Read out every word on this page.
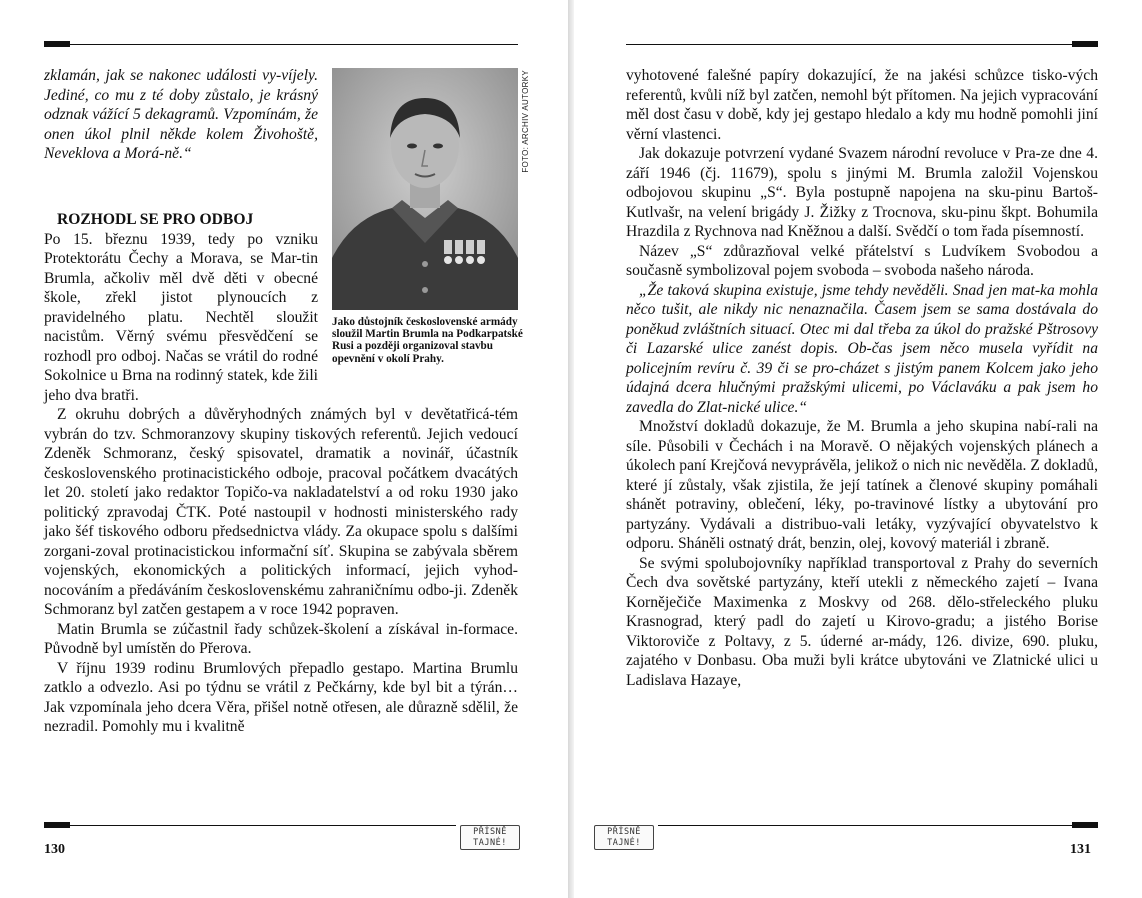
zklamán, jak se nakonec události vy-víjely. Jediné, co mu z té doby zůstalo, je krásný odznak vážící 5 dekagramů. Vzpomínám, že onen úkol plnil někde kolem Živohoště, Neveklova a Morá-ně.“

ROZHODL SE PRO ODBOJ

Po 15. březnu 1939, tedy po vzniku Protektorátu Čechy a Morava, se Mar-tin Brumla, ačkoliv měl dvě děti v obecné škole, zřekl jistot plynoucích z pravidelného platu. Nechtěl sloužit nacistům. Věrný svému přesvědčení se rozhodl pro odboj. Načas se vrátil do rodné Sokolnice u Brna na rodinný statek, kde žili jeho dva bratři.

FOTO: ARCHIV AUTORKY
Jako důstojník československé armády sloužil Martin Brumla na Podkarpatské Rusi a později organizoval stavbu opevnění v okolí Prahy.

Z okruhu dobrých a důvěryhodných známých byl v devětatřicá-tém vybrán do tzv. Schmoranzovy skupiny tiskových referentů. Jejich vedoucí Zdeněk Schmoranz, český spisovatel, dramatik a novinář, účastník československého protinacistického odboje, pracoval počátkem dvacátých let 20. století jako redaktor Topičo-va nakladatelství a od roku 1930 jako politický zpravodaj ČTK. Poté nastoupil v hodnosti ministerského rady jako šéf tiskového odboru předsednictva vlády. Za okupace spolu s dalšími zorgani-zoval protinacistickou informační síť. Skupina se zabývala sběrem vojenských, ekonomických a politických informací, jejich vyhod-nocováním a předáváním československému zahraničnímu odbo-ji. Zdeněk Schmoranz byl zatčen gestapem a v roce 1942 popraven.

Matin Brumla se zúčastnil řady schůzek-školení a získával in-formace. Původně byl umístěn do Přerova.

V říjnu 1939 rodinu Brumlových přepadlo gestapo. Martina Brumlu zatklo a odvezlo. Asi po týdnu se vrátil z Pečkárny, kde byl bit a týrán… Jak vzpomínala jeho dcera Věra, přišel notně otřesen, ale důrazně sdělil, že nezradil. Pomohly mu i kvalitně

PŘÍSNĚ
TAJNÉ!
130

vyhotovené falešné papíry dokazující, že na jakési schůzce tisko-vých referentů, kvůli níž byl zatčen, nemohl být přítomen. Na jejich vypracování měl dost času v době, kdy jej gestapo hledalo a kdy mu hodně pomohli jiní věrní vlastenci.

Jak dokazuje potvrzení vydané Svazem národní revoluce v Pra-ze dne 4. září 1946 (čj. 11679), spolu s jinými M. Brumla založil Vojenskou odbojovou skupinu „S“. Byla postupně napojena na sku-pinu Bartoš-Kutlvašr, na velení brigády J. Žižky z Trocnova, sku-pinu škpt. Bohumila Hrazdila z Rychnova nad Kněžnou a další. Svědčí o tom řada písemností.

Název „S“ zdůrazňoval velké přátelství s Ludvíkem Svobodou a současně symbolizoval pojem svoboda – svoboda našeho národa.

„Že taková skupina existuje, jsme tehdy nevěděli. Snad jen mat-ka mohla něco tušit, ale nikdy nic nenaznačila. Časem jsem se sama dostávala do poněkud zvláštních situací. Otec mi dal třeba za úkol do pražské Pštrosovy či Lazarské ulice zanést dopis. Ob-čas jsem něco musela vyřídit na policejním revíru č. 39 či se pro-cházet s jistým panem Kolcem jako jeho údajná dcera hlučnými pražskými ulicemi, po Václaváku a pak jsem ho zavedla do Zlat-nické ulice.“

Množství dokladů dokazuje, že M. Brumla a jeho skupina nabí-rali na síle. Působili v Čechách i na Moravě. O nějakých vojenských plánech a úkolech paní Krejčová nevyprávěla, jelikož o nich nic nevěděla. Z dokladů, které jí zůstaly, však zjistila, že její tatínek a členové skupiny pomáhali shánět potraviny, oblečení, léky, po-travinové lístky a ubytování pro partyzány. Vydávali a distribuo-vali letáky, vyzývající obyvatelstvo k odporu. Sháněli ostnatý drát, benzin, olej, kovový materiál i zbraně.

Se svými spolubojovníky například transportoval z Prahy do severních Čech dva sovětské partyzány, kteří utekli z německého zajetí – Ivana Korněječiče Maximenka z Moskvy od 268. dělo-střeleckého pluku Krasnograd, který padl do zajetí u Kirovo-gradu; a jistého Borise Viktoroviče z Poltavy, z 5. úderné ar-mády, 126. divize, 690. pluku, zajatého v Donbasu. Oba muži byli krátce ubytováni ve Zlatnické ulici u Ladislava Hazaye,

PŘÍSNĚ
TAJNÉ!	131
